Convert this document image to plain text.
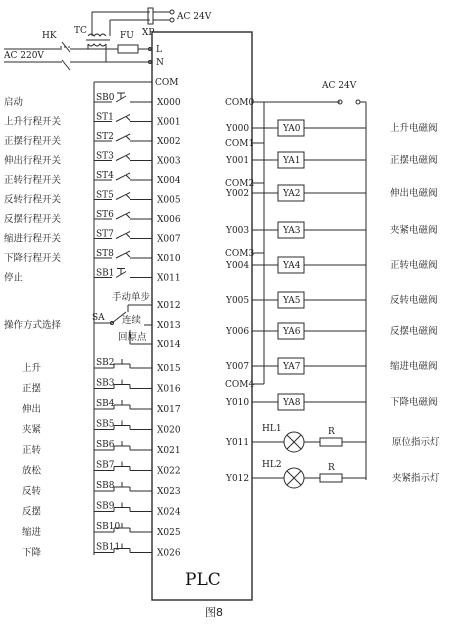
AC 24V
TC
HK
AC 220V
FU XP
L
N
PLC
COM
启动	SB0	X000
上升行程开关	ST1	X001
正摆行程开关	ST2	X002
伸出行程开关	ST3	X003
正转行程开关	ST4	X004
反转行程开关	ST5	X005
反摆行程开关	ST6	X006
缩进行程开关	ST7	X007
下降行程开关	ST8	X010
停止	SB1	X011
操作方式选择
SA
手动单步
连续
回原点
X012
X013
X014
上升	SB2
X015
正摆	SB3
X016
伸出	SB4
X017
夹紧	SB5
X020
正转	SB6
X021
放松	SB7
X022
反转	SB8
X023
反摆	SB9
X024
缩进	SB10
X025
下降	SB11
X026
AC 24V
COM0
COM1
COM2
COM3
COM4
Y000	YA0	上升电磁阀
Y001	YA1	正摆电磁阀
Y002	YA2	伸出电磁阀
Y003	YA3	夹紧电磁阀
Y004	YA4	正转电磁阀
Y005	YA5	反转电磁阀
Y006	YA6	反摆电磁阀
Y007	YA7	缩进电磁阀
Y010	YA8	下降电磁阀
Y011
HL1	R
原位指示灯
Y012
HL2	R
夹紧指示灯
图8
